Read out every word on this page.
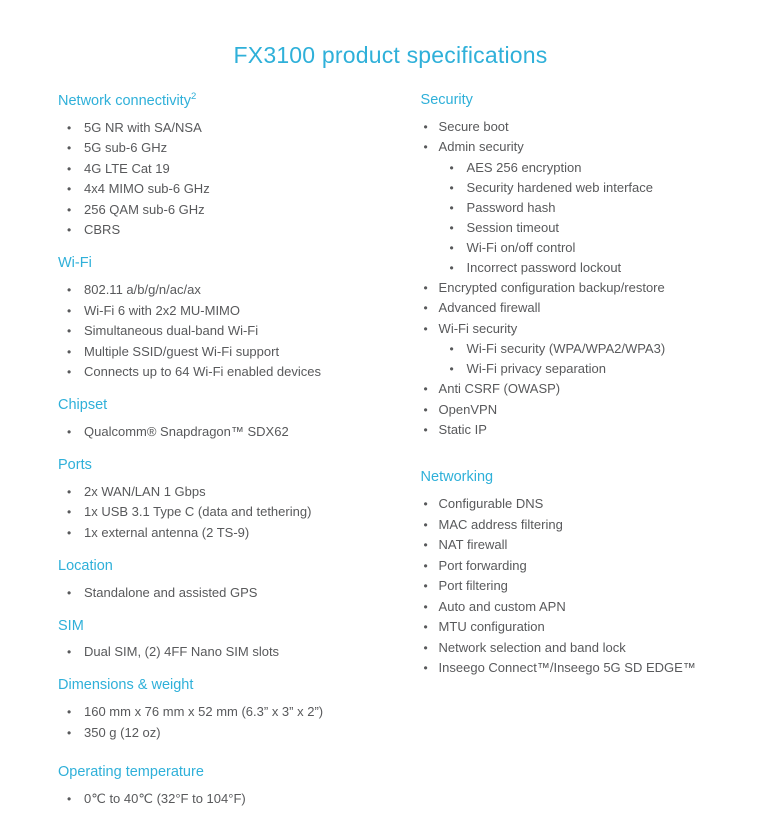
FX3100 product specifications
Network connectivity$^2$
• 5G NR with SA/NSA
• 5G sub-6 GHz
• 4G LTE Cat 19
• 4x4 MIMO sub-6 GHz
• 256 QAM sub-6 GHz
• CBRS
Wi-Fi
• 802.11 a/b/g/n/ac/ax
• Wi-Fi 6 with 2x2 MU-MIMO
• Simultaneous dual-band Wi-Fi
• Multiple SSID/guest Wi-Fi support
• Connects up to 64 Wi-Fi enabled devices
Chipset
• Qualcomm® Snapdragon™ SDX62
Ports
• 2x WAN/LAN 1 Gbps
• 1x USB 3.1 Type C (data and tethering)
• 1x external antenna (2 TS-9)
Location
• Standalone and assisted GPS
SIM
• Dual SIM, (2) 4FF Nano SIM slots
Dimensions & weight
• 160 mm x 76 mm x 52 mm (6.3” x 3” x 2”)
• 350 g (12 oz)
Operating temperature
• 0℃ to 40℃ (32°F to 104°F)
Security
• Secure boot
• Admin security
• AES 256 encryption
• Security hardened web interface
• Password hash
• Session timeout
• Wi-Fi on/off control
• Incorrect password lockout
• Encrypted configuration backup/restore
• Advanced firewall
• Wi-Fi security
• Wi-Fi security (WPA/WPA2/WPA3)
• Wi-Fi privacy separation
• Anti CSRF (OWASP)
• OpenVPN
• Static IP
Networking
• Configurable DNS
• MAC address filtering
• NAT firewall
• Port forwarding
• Port filtering
• Auto and custom APN
• MTU configuration
• Network selection and band lock
• Inseego Connect™/Inseego 5G SD EDGE™
